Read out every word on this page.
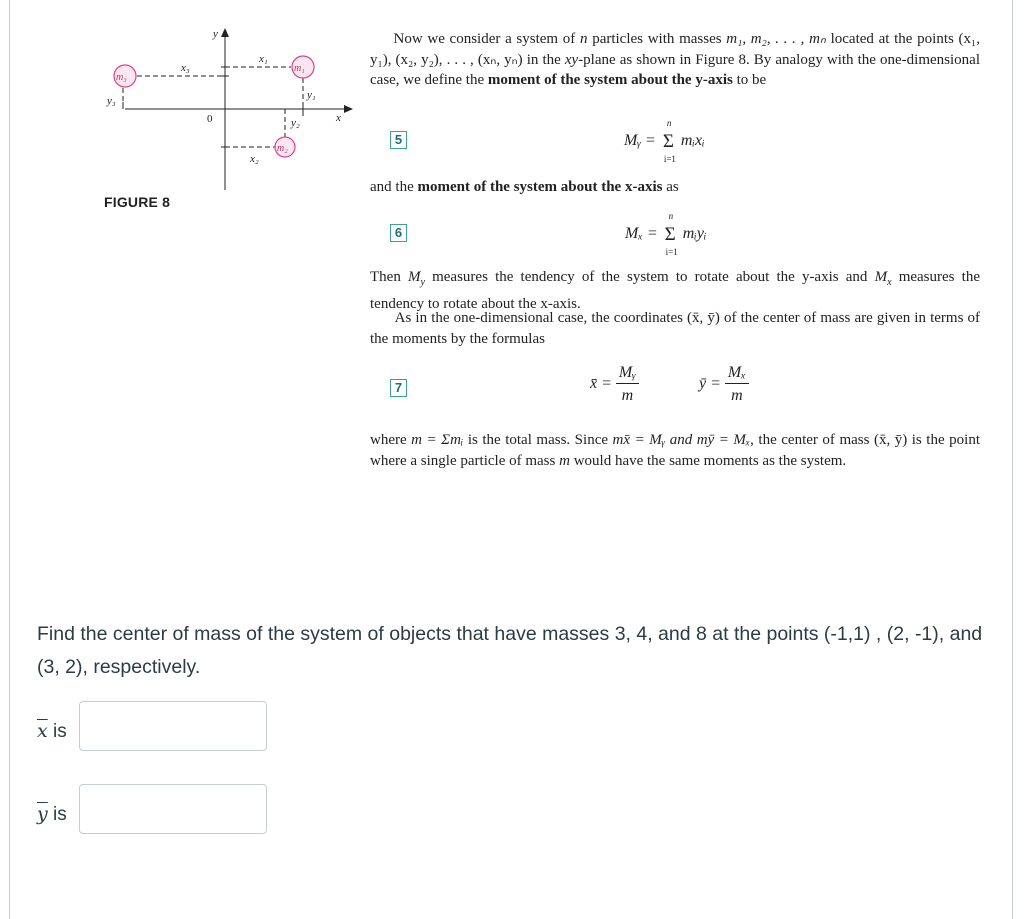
m₁
m₂
m₃
x₁
x₂
x₃
y₁
y₂
y₃
x
y
0
FIGURE 8
Now we consider a system of n particles with masses m₁, m₂, . . . , mₙ located at the points (x₁, y₁), (x₂, y₂), . . . , (xₙ, yₙ) in the xy-plane as shown in Figure 8. By analogy with the one-dimensional case, we define the moment of the system about the y-axis to be
5	Mᵧ = Σ
n
i=1
mᵢxᵢ
and the moment of the system about the x-axis as
6	Mₓ = Σ
n
i=1
mᵢyᵢ
Then $M_y$ measures the tendency of the system to rotate about the y-axis and $M_x$ measures the tendency to rotate about the x-axis.
As in the one-dimensional case, the coordinates (x̄, ȳ) of the center of mass are given in terms of the moments by the formulas
7	x̄ = $\frac{\text{Mᵧ}}{m}$	ȳ = $\frac{\text{Mₓ}}{m}$
where m = Σmᵢ is the total mass. Since mx̄ = Mᵧ and mȳ = Mₓ, the center of mass (x̄, ȳ) is the point where a single particle of mass m would have the same moments as the system.
Find the center of mass of the system of objects that have masses 3, 4, and 8 at the points (-1,1) , (2, -1), and (3, 2), respectively.
$\overline{x}$ is
$\overline{y}$ is
